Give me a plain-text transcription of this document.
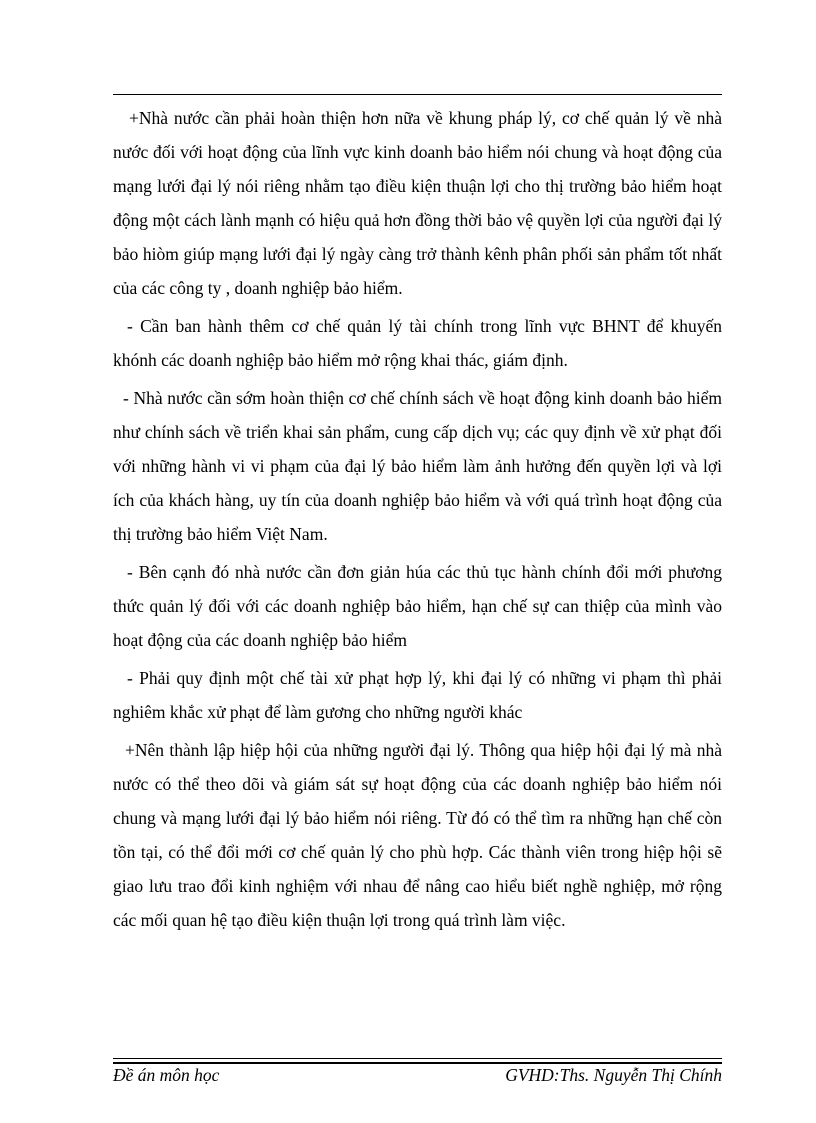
+Nhà nước cần phải hoàn thiện hơn nữa về khung pháp lý, cơ chế quản lý về nhà nước đối với hoạt động của lĩnh vực kinh doanh bảo hiểm nói chung và hoạt động của mạng lưới đại lý nói riêng nhằm tạo điều kiện thuận lợi cho thị trường bảo hiểm hoạt động một cách lành mạnh có hiệu quả hơn đồng thời bảo vệ quyền lợi của người đại lý bảo hiòm giúp mạng lưới đại lý ngày càng trở thành kênh phân phối sản phẩm tốt nhất của các công ty , doanh nghiệp bảo hiểm.

- Cần ban hành thêm cơ chế quản lý tài chính trong lĩnh vực BHNT để khuyến khónh các doanh nghiệp bảo hiểm mở rộng khai thác, giám định.

- Nhà nước cần sớm hoàn thiện cơ chế chính sách về hoạt động kinh doanh bảo hiểm như chính sách về triển khai sản phẩm, cung cấp dịch vụ; các quy định về xử phạt đối với những hành vi vi phạm của đại lý bảo hiểm làm ảnh hưởng đến quyền lợi và lợi ích của khách hàng, uy tín của doanh nghiệp bảo hiểm và với quá trình hoạt động của thị trường bảo hiểm Việt Nam.

- Bên cạnh đó nhà nước cần đơn giản húa các thủ tục hành chính đổi mới phương thức quản lý đối với các doanh nghiệp bảo hiểm, hạn chế sự can thiệp của mình vào hoạt động của các doanh nghiệp bảo hiểm

- Phải quy định một chế tài xử phạt hợp lý, khi đại lý có những vi phạm thì phải nghiêm khắc xử phạt để làm gương cho những người khác

+Nên thành lập hiệp hội của những người đại lý. Thông qua hiệp hội đại lý mà nhà nước có thể theo dõi và giám sát sự hoạt động của các doanh nghiệp bảo hiểm nói chung và mạng lưới đại lý bảo hiểm nói riêng. Từ đó có thể tìm ra những hạn chế còn tồn tại, có thể đổi mới cơ chế quản lý cho phù hợp. Các thành viên trong hiệp hội sẽ giao lưu trao đổi kinh nghiệm với nhau để nâng cao hiểu biết nghề nghiệp, mở rộng các mối quan hệ tạo điều kiện thuận lợi trong quá trình làm việc.

Đề án môn học	GVHD:Ths. Nguyễn Thị Chính
